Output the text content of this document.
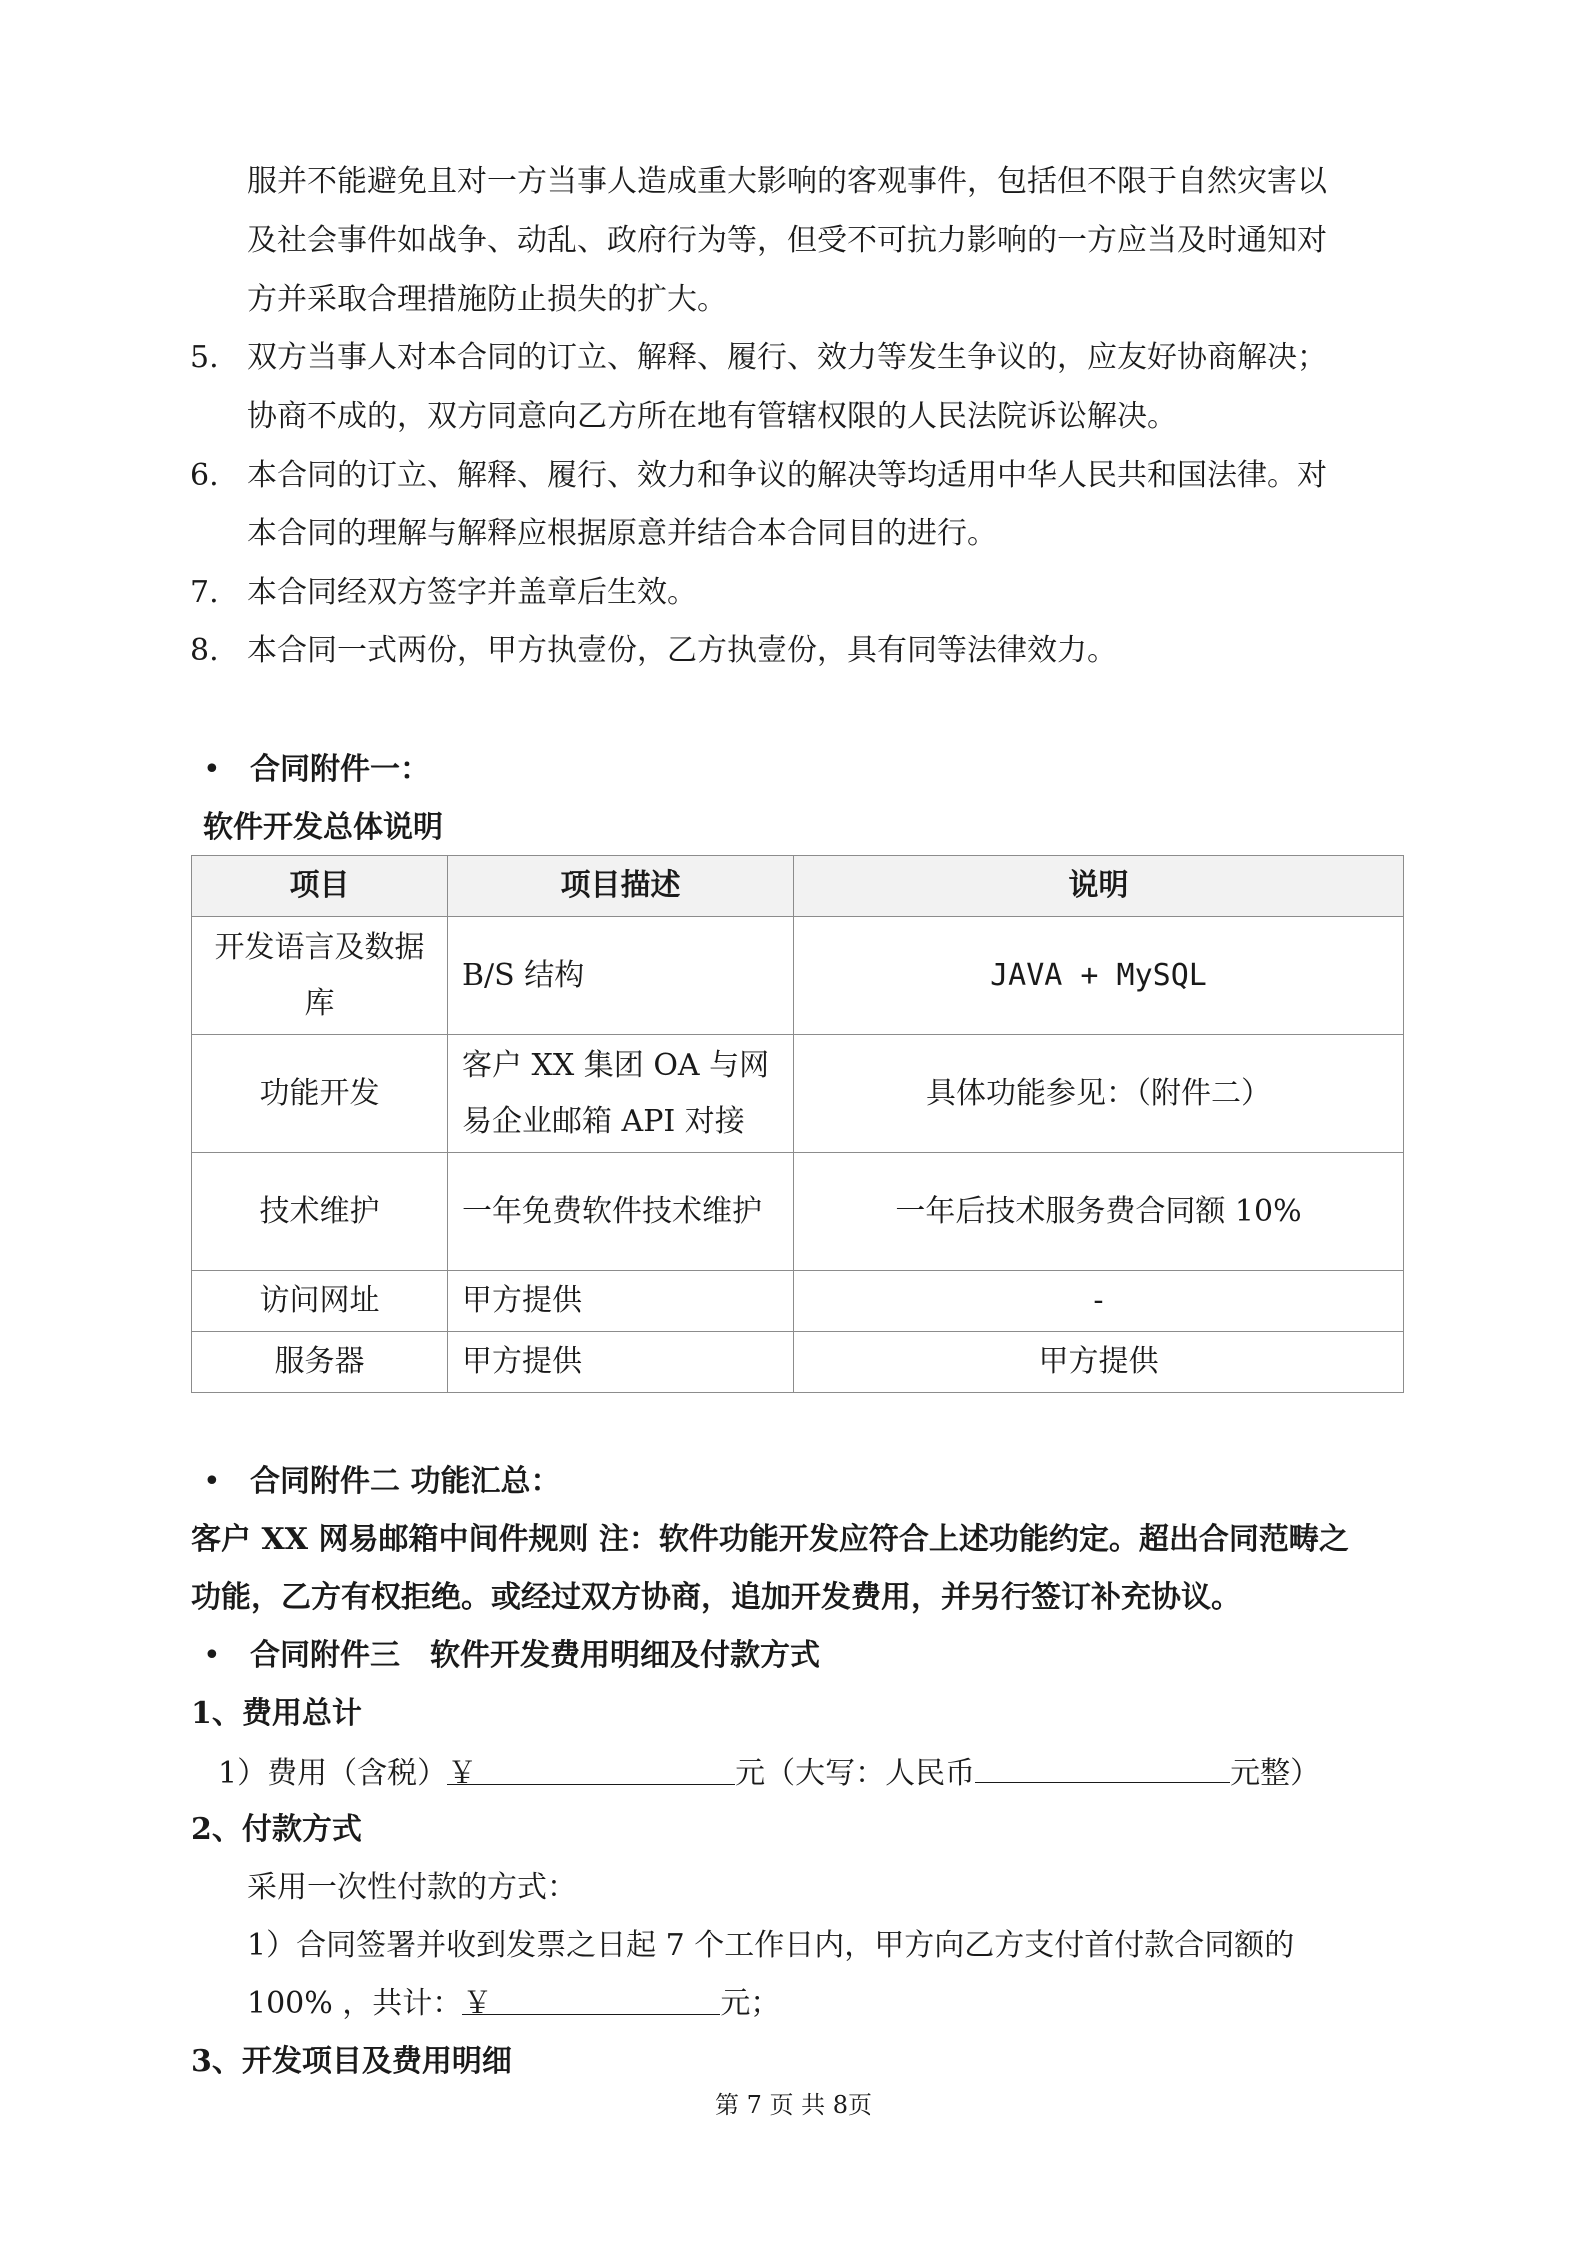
服并不能避免且对一方当事人造成重大影响的客观事件，包括但不限于自然灾害以
及社会事件如战争、动乱、政府行为等，但受不可抗力影响的一方应当及时通知对
方并采取合理措施防止损失的扩大。
5. 双方当事人对本合同的订立、解释、履行、效力等发生争议的，应友好协商解决；
协商不成的，双方同意向乙方所在地有管辖权限的人民法院诉讼解决。
6. 本合同的订立、解释、履行、效力和争议的解决等均适用中华人民共和国法律。对
本合同的理解与解释应根据原意并结合本合同目的进行。
7. 本合同经双方签字并盖章后生效。
8. 本合同一式两份，甲方执壹份，乙方执壹份，具有同等法律效力。
• 合同附件一：
软件开发总体说明
项目	项目描述	说明
开发语言及数据库	B/S 结构	JAVA + MySQL
功能开发	客户 XX 集团 OA 与网易企业邮箱 API 对接	具体功能参见：（附件二）
技术维护	一年免费软件技术维护	一年后技术服务费合同额 10%
访问网址	甲方提供	-
服务器	甲方提供	甲方提供
• 合同附件二 功能汇总：
客户 XX 网易邮箱中间件规则 注：软件功能开发应符合上述功能约定。超出合同范畴之
功能，乙方有权拒绝。或经过双方协商，追加开发费用，并另行签订补充协议。
• 合同附件三　软件开发费用明细及付款方式
1、费用总计
1）费用（含税）￥	元（大写：人民币	元整）
2、付款方式
采用一次性付款的方式：
1）合同签署并收到发票之日起 7 个工作日内，甲方向乙方支付首付款合同额的
100% ，共计：￥	元；
3、开发项目及费用明细
第 7 页 共 8页
